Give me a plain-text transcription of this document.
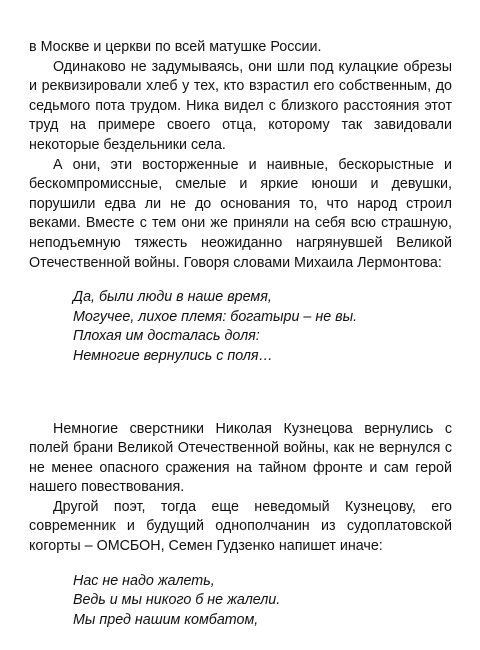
в Москве и церкви по всей матушке России.

Одинаково не задумываясь, они шли под кулацкие обрезы и реквизировали хлеб у тех, кто взрастил его собственным, до седьмого пота трудом. Ника видел с близкого расстояния этот труд на примере своего отца, которому так завидовали некоторые бездельники села.

А они, эти восторженные и наивные, бескорыстные и бескомпромиссные, смелые и яркие юноши и девушки, порушили едва ли не до основания то, что народ строил веками. Вместе с тем они же приняли на себя всю страшную, неподъемную тяжесть неожиданно нагрянувшей Великой Отечественной войны. Говоря словами Михаила Лермонтова:

Да, были люди в наше время,
Могучее, лихое племя: богатыри – не вы.
Плохая им досталась доля:
Немногие вернулись с поля…

Немногие сверстники Николая Кузнецова вернулись с полей брани Великой Отечественной войны, как не вернулся с не менее опасного сражения на тайном фронте и сам герой нашего повествования.

Другой поэт, тогда еще неведомый Кузнецову, его современник и будущий однополчанин из судоплатовской когорты – ОМСБОН, Семен Гудзенко напишет иначе:

Нас не надо жалеть,
Ведь и мы никого б не жалели.
Мы пред нашим комбатом,
